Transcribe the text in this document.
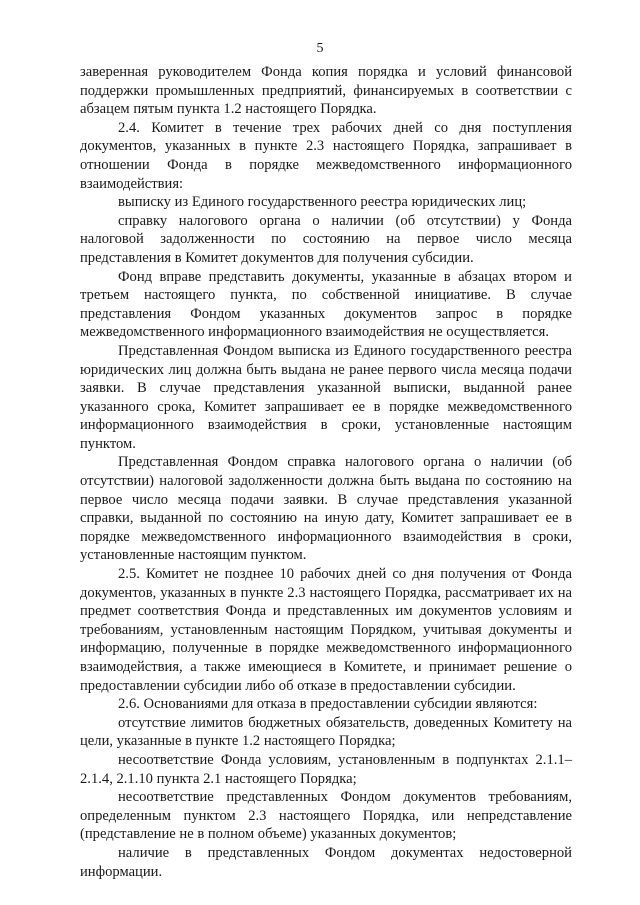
5

заверенная руководителем Фонда копия порядка и условий финансовой поддержки промышленных предприятий, финансируемых в соответствии с абзацем пятым пункта 1.2 настоящего Порядка.

2.4. Комитет в течение трех рабочих дней со дня поступления документов, указанных в пункте 2.3 настоящего Порядка, запрашивает в отношении Фонда в порядке межведомственного информационного взаимодействия:

выписку из Единого государственного реестра юридических лиц;

справку налогового органа о наличии (об отсутствии) у Фонда налоговой задолженности по состоянию на первое число месяца представления в Комитет документов для получения субсидии.

Фонд вправе представить документы, указанные в абзацах втором и третьем настоящего пункта, по собственной инициативе. В случае представления Фондом указанных документов запрос в порядке межведомственного информационного взаимодействия не осуществляется.

Представленная Фондом выписка из Единого государственного реестра юридических лиц должна быть выдана не ранее первого числа месяца подачи заявки. В случае представления указанной выписки, выданной ранее указанного срока, Комитет запрашивает ее в порядке межведомственного информационного взаимодействия в сроки, установленные настоящим пунктом.

Представленная Фондом справка налогового органа о наличии (об отсутствии) налоговой задолженности должна быть выдана по состоянию на первое число месяца подачи заявки. В случае представления указанной справки, выданной по состоянию на иную дату, Комитет запрашивает ее в порядке межведомственного информационного взаимодействия в сроки, установленные настоящим пунктом.

2.5. Комитет не позднее 10 рабочих дней со дня получения от Фонда документов, указанных в пункте 2.3 настоящего Порядка, рассматривает их на предмет соответствия Фонда и представленных им документов условиям и требованиям, установленным настоящим Порядком, учитывая документы и информацию, полученные в порядке межведомственного информационного взаимодействия, а также имеющиеся в Комитете, и принимает решение о предоставлении субсидии либо об отказе в предоставлении субсидии.

2.6. Основаниями для отказа в предоставлении субсидии являются:

отсутствие лимитов бюджетных обязательств, доведенных Комитету на цели, указанные в пункте 1.2 настоящего Порядка;

несоответствие Фонда условиям, установленным в подпунктах 2.1.1–2.1.4, 2.1.10 пункта 2.1 настоящего Порядка;

несоответствие представленных Фондом документов требованиям, определенным пунктом 2.3 настоящего Порядка, или непредставление (представление не в полном объеме) указанных документов;

наличие в представленных Фондом документах недостоверной информации.
